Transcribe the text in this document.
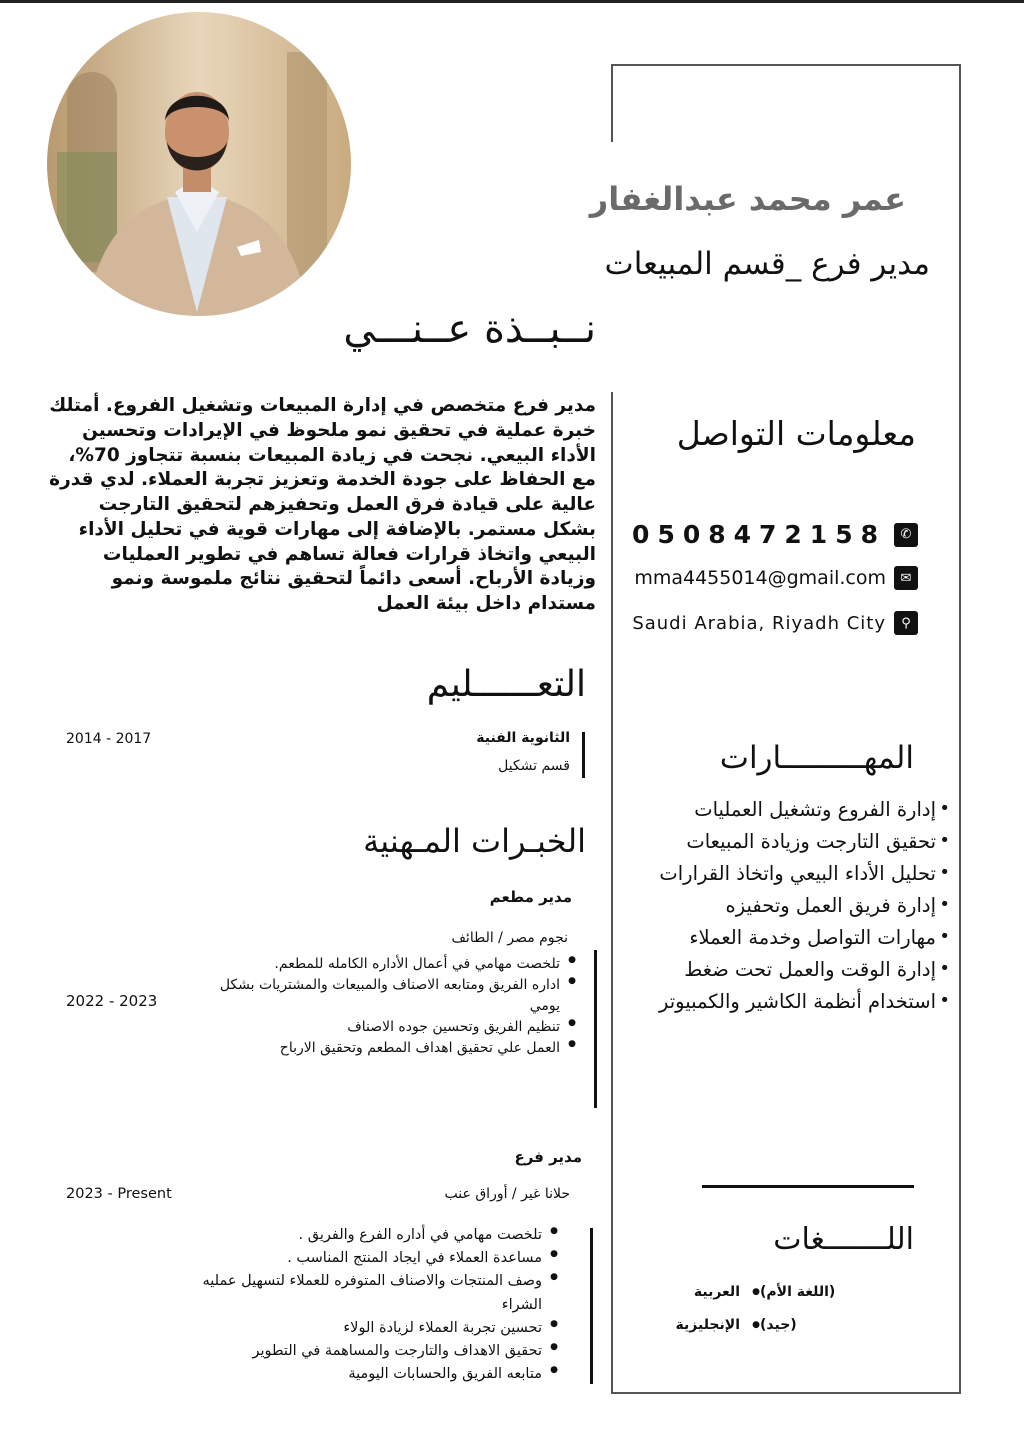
عمر محمد عبدالغفار
مدير فرع _قسم المبيعات
نــبــذة عــنـــي
مدير فرع متخصص في إدارة المبيعات وتشغيل الفروع. أمتلك خبرة عملية في تحقيق نمو ملحوظ في الإيرادات وتحسين الأداء البيعي. نجحت في زيادة المبيعات بنسبة تتجاوز 70%، مع الحفاظ على جودة الخدمة وتعزيز تجربة العملاء. لدي قدرة عالية على قيادة فرق العمل وتحفيزهم لتحقيق التارجت بشكل مستمر. بالإضافة إلى مهارات قوية في تحليل الأداء البيعي واتخاذ قرارات فعالة تساهم في تطوير العمليات وزيادة الأرباح. أسعى دائماً لتحقيق نتائج ملموسة ونمو مستدام داخل بيئة العمل
معلومات التواصل
✆
0508472158
✉
mma4455014@gmail.com
⚲
Saudi Arabia, Riyadh City
التعــــــليم
الثانوية الفنية
قسم تشكيل
2014 - 2017
الخبـرات المـهنية
مدير مطعم
نجوم مصر / الطائف
2022 - 2023
● تلخصت مهامي في أعمال الأداره الكامله للمطعم.
● اداره الفريق ومتابعه الاصناف والمبيعات والمشتريات بشكل يومي
● تنظيم الفريق وتحسين جوده الاصناف
● العمل علي تحقيق اهداف المطعم وتحقيق الارباح
مدير فرع
حلانا غير / أوراق عنب
2023 - Present
● تلخصت مهامي في أداره الفرع والفريق .
● مساعدة العملاء في ايجاد المنتج المناسب .
● وصف المنتجات والاصناف المتوفره للعملاء لتسهيل عمليه الشراء
● تحسين تجربة العملاء لزيادة الولاء
● تحقيق الاهداف والتارجت والمساهمة في التطوير
● متابعه الفريق والحسابات اليومية
المهـــــــــارات
• إدارة الفروع وتشغيل العمليات
• تحقيق التارجت وزيادة المبيعات
• تحليل الأداء البيعي واتخاذ القرارات
• إدارة فريق العمل وتحفيزه
• مهارات التواصل وخدمة العملاء
• إدارة الوقت والعمل تحت ضغط
• استخدام أنظمة الكاشير والكمبيوتر
اللـــــــغات
● العربية	(اللغة الأم)
● الإنجليزية	(جيد)
